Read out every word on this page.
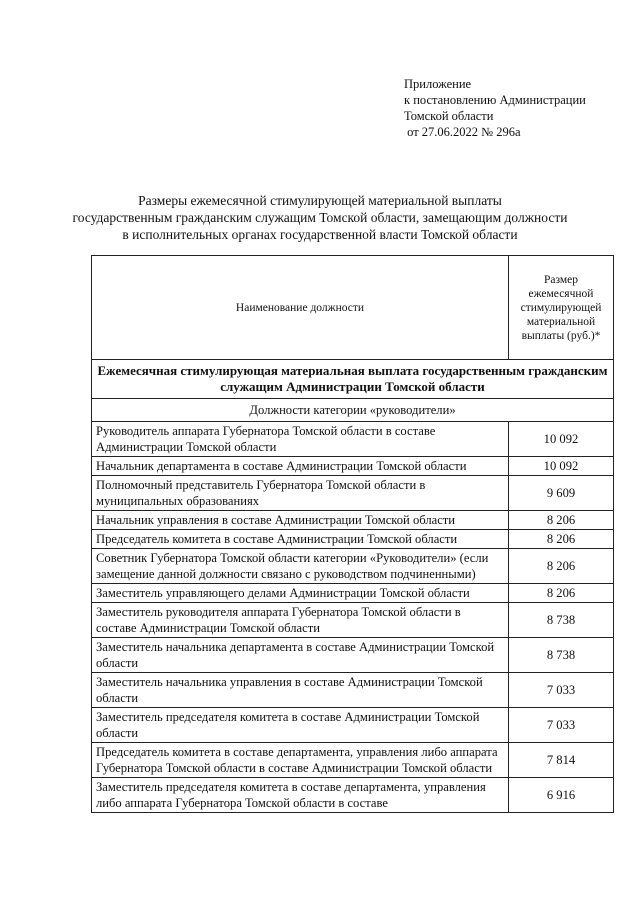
Приложение
к постановлению Администрации
Томской области
от 27.06.2022 № 296а
Размеры ежемесячной стимулирующей материальной выплаты
государственным гражданским служащим Томской области, замещающим должности
в исполнительных органах государственной власти Томской области
Наименование должности	Размер ежемесячной стимулирующей материальной выплаты (руб.)*
Ежемесячная стимулирующая материальная выплата государственным гражданским служащим Администрации Томской области	
Должности категории «руководители»	
Руководитель аппарата Губернатора Томской области в составе Администрации Томской области	10 092
Начальник департамента в составе Администрации Томской области	10 092
Полномочный представитель Губернатора Томской области в муниципальных образованиях	9 609
Начальник управления в составе Администрации Томской области	8 206
Председатель комитета в составе Администрации Томской области	8 206
Советник Губернатора Томской области категории «Руководители» (если замещение данной должности связано с руководством подчиненными)	8 206
Заместитель управляющего делами Администрации Томской области	8 206
Заместитель руководителя аппарата Губернатора Томской области в составе Администрации Томской области	8 738
Заместитель начальника департамента в составе Администрации Томской области	8 738
Заместитель начальника управления в составе Администрации Томской области	7 033
Заместитель председателя комитета в составе Администрации Томской области	7 033
Председатель комитета в составе департамента, управления либо аппарата Губернатора Томской области в составе Администрации Томской области	7 814
Заместитель председателя комитета в составе департамента, управления либо аппарата Губернатора Томской области в составе	6 916
